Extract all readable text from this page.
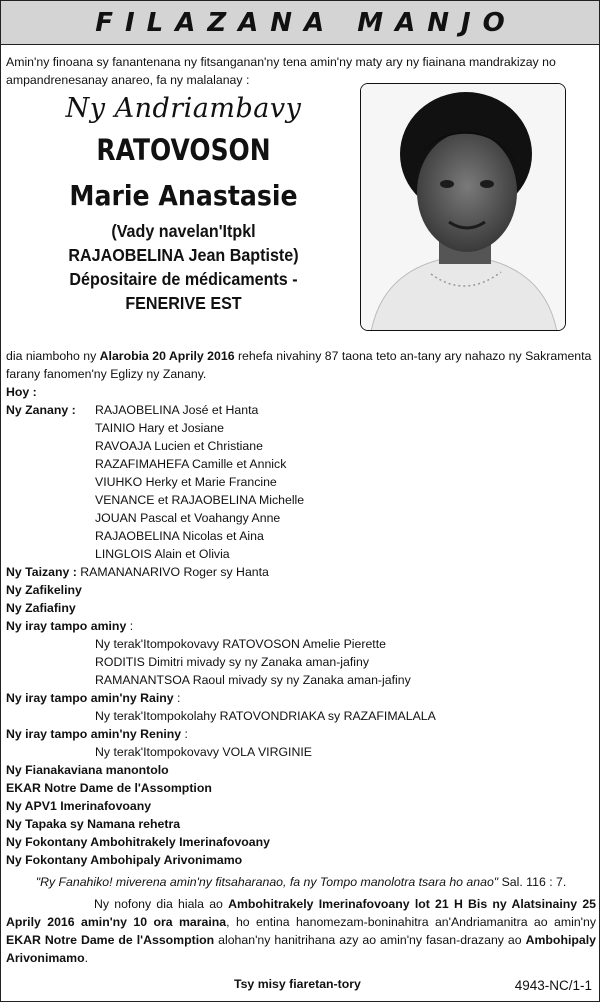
FILAZANA MANJO
Amin'ny finoana sy fanantenana ny fitsanganan'ny tena amin'ny maty ary ny fiainana mandrakizay no ampandrenesanay anareo, fa ny malalanay :
Ny Andriambavy
RATOVOSON
Marie Anastasie
(Vady navelan'Itpkl
RAJAOBELINA Jean Baptiste)
Dépositaire de médicaments -
FENERIVE EST
dia niamboho ny Alarobia 20 Aprily 2016 rehefa nivahiny 87 taona teto an-tany ary nahazo ny Sakramenta farany fanomen'ny Eglizy ny Zanany.
Hoy :
Ny Zanany : RAJAOBELINA José et Hanta
TAINIO Hary et Josiane
RAVOAJA Lucien et Christiane
RAZAFIMAHEFA Camille et Annick
VIUHKO Herky et Marie Francine
VENANCE et RAJAOBELINA Michelle
JOUAN Pascal et Voahangy Anne
RAJAOBELINA Nicolas et Aina
LINGLOIS Alain et Olivia
Ny Taizany : RAMANANARIVO Roger sy Hanta
Ny Zafikeliny
Ny Zafiafiny
Ny iray tampo aminy :
Ny terak'Itompokovavy RATOVOSON Amelie Pierette
RODITIS Dimitri mivady sy ny Zanaka aman-jafiny
RAMANANTSOA Raoul mivady sy ny Zanaka aman-jafiny
Ny iray tampo amin'ny Rainy :
Ny terak'Itompokolahy RATOVONDRIAKA sy RAZAFIMALALA
Ny iray tampo amin'ny Reniny :
Ny terak'Itompokovavy VOLA VIRGINIE
Ny Fianakaviana manontolo
EKAR Notre Dame de l'Assomption
Ny APV1 Imerinafovoany
Ny Tapaka sy Namana rehetra
Ny Fokontany Ambohitrakely Imerinafovoany
Ny Fokontany Ambohipaly Arivonimamo
"Ry Fanahiko! miverena amin'ny fitsaharanao, fa ny Tompo manolotra tsara ho anao" Sal. 116 : 7.

Ny nofony dia hiala ao Ambohitrakely Imerinafovoany lot 21 H Bis ny Alatsinainy 25 Aprily 2016 amin'ny 10 ora maraina, ho entina hanomezam-boninahitra an'Andriamanitra ao amin'ny EKAR Notre Dame de l'Assomption alohan'ny hanitrihana azy ao amin'ny fasan-drazany ao Ambohipaly Arivonimamo.

Tsy misy fiaretan-tory	4943-NC/1-1
